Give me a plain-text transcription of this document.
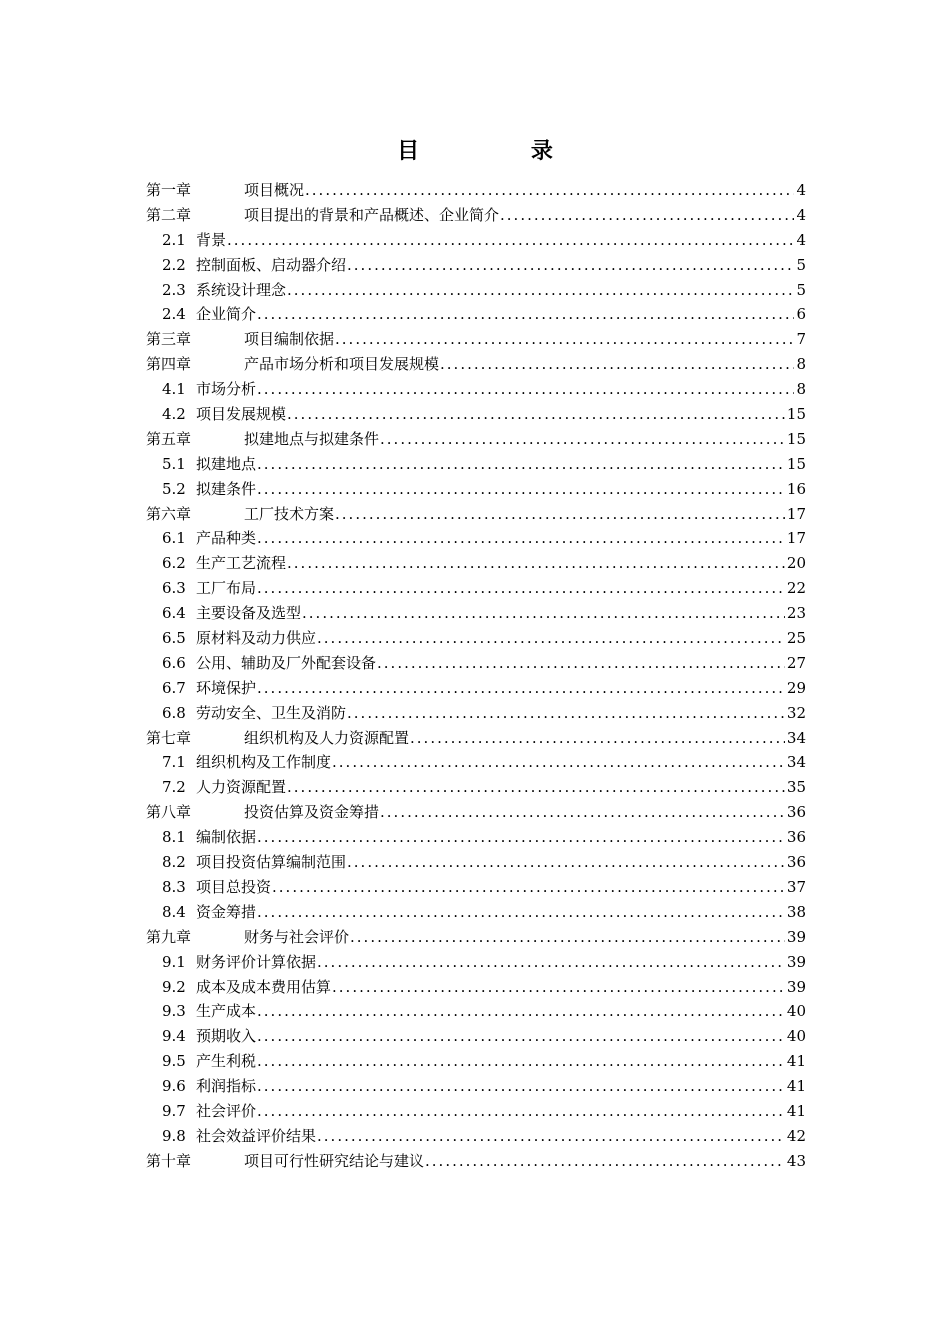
目 录
第一章	项目概况 .....	4
第二章	项目提出的背景和产品概述、企业简介 .....	4
2.1 背景 .....	4
2.2 控制面板、启动器介绍 .....	5
2.3 系统设计理念 .....	5
2.4 企业简介 .....	6
第三章	项目编制依据 .....	7
第四章	产品市场分析和项目发展规模 .....	8
4.1 市场分析 .....	8
4.2 项目发展规模 .....	15
第五章	拟建地点与拟建条件 .....	15
5.1 拟建地点 .....	15
5.2 拟建条件 .....	16
第六章	工厂技术方案 .....	17
6.1 产品种类 .....	17
6.2 生产工艺流程 .....	20
6.3 工厂布局 .....	22
6.4 主要设备及选型 .....	23
6.5 原材料及动力供应 .....	25
6.6 公用、辅助及厂外配套设备 .....	27
6.7 环境保护 .....	29
6.8 劳动安全、卫生及消防 .....	32
第七章	组织机构及人力资源配置 .....	34
7.1 组织机构及工作制度 .....	34
7.2 人力资源配置 .....	35
第八章	投资估算及资金筹措 .....	36
8.1 编制依据 .....	36
8.2 项目投资估算编制范围 .....	36
8.3 项目总投资 .....	37
8.4 资金筹措 .....	38
第九章	财务与社会评价 .....	39
9.1 财务评价计算依据 .....	39
9.2 成本及成本费用估算 .....	39
9.3 生产成本 .....	40
9.4 预期收入 .....	40
9.5 产生利税 .....	41
9.6 利润指标 .....	41
9.7 社会评价 .....	41
9.8 社会效益评价结果 .....	42
第十章	项目可行性研究结论与建议 .....	43
